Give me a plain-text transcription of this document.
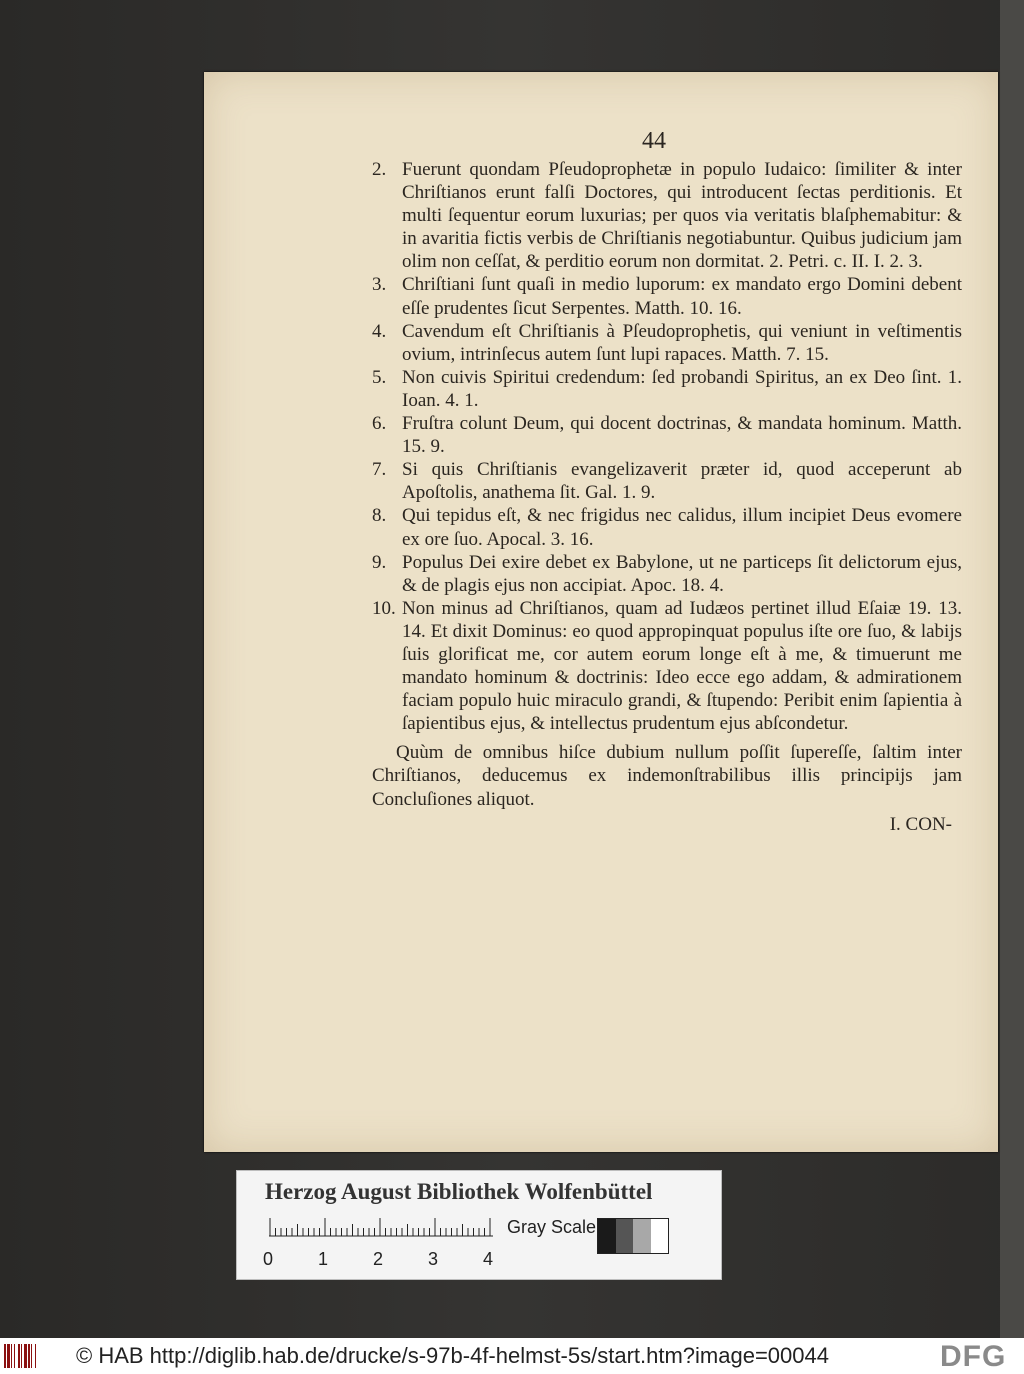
44
2. Fuerunt quondam Pſeudoprophetæ in populo Iudaico: ſimiliter & inter Chriſtianos erunt falſi Doctores, qui introducent ſectas perditionis. Et multi ſequentur eorum luxurias; per quos via veritatis blaſphemabitur: & in avaritia fictis verbis de Chriſtianis negotiabuntur. Quibus judicium jam olim non ceſſat, & perditio eorum non dormitat. 2. Petri. c. II. I. 2. 3.
3. Chriſtiani ſunt quaſi in medio luporum: ex mandato ergo Domini debent eſſe prudentes ſicut Serpentes. Matth. 10. 16.
4. Cavendum eſt Chriſtianis à Pſeudoprophetis, qui veniunt in veſtimentis ovium, intrinſecus autem ſunt lupi rapaces. Matth. 7. 15.
5. Non cuivis Spiritui credendum: ſed probandi Spiritus, an ex Deo ſint. 1. Ioan. 4. 1.
6. Fruſtra colunt Deum, qui docent doctrinas, & mandata hominum. Matth. 15. 9.
7. Si quis Chriſtianis evangelizaverit præter id, quod acceperunt ab Apoſtolis, anathema ſit. Gal. 1. 9.
8. Qui tepidus eſt, & nec frigidus nec calidus, illum incipiet Deus evomere ex ore ſuo. Apocal. 3. 16.
9. Populus Dei exire debet ex Babylone, ut ne particeps ſit delictorum ejus, & de plagis ejus non accipiat. Apoc. 18. 4.
10. Non minus ad Chriſtianos, quam ad Iudæos pertinet illud Eſaiæ 19. 13. 14. Et dixit Dominus: eo quod appropinquat populus iſte ore ſuo, & labijs ſuis glorificat me, cor autem eorum longe eſt à me, & timuerunt me mandato hominum & doctrinis: Ideo ecce ego addam, & admirationem faciam populo huic miraculo grandi, & ſtupendo: Peribit enim ſapientia à ſapientibus ejus, & intellectus prudentum ejus abſcondetur.
Quùm de omnibus hiſce dubium nullum poſſit ſupereſſe, ſaltim inter Chriſtianos, deducemus ex indemonſtrabilibus illis principijs jam Concluſiones aliquot.
I. CON-
Herzog August Bibliothek Wolfenbüttel
0 1 2 3 4
Gray Scale
© HAB http://diglib.hab.de/drucke/s-97b-4f-helmst-5s/start.htm?image=00044	DFG
